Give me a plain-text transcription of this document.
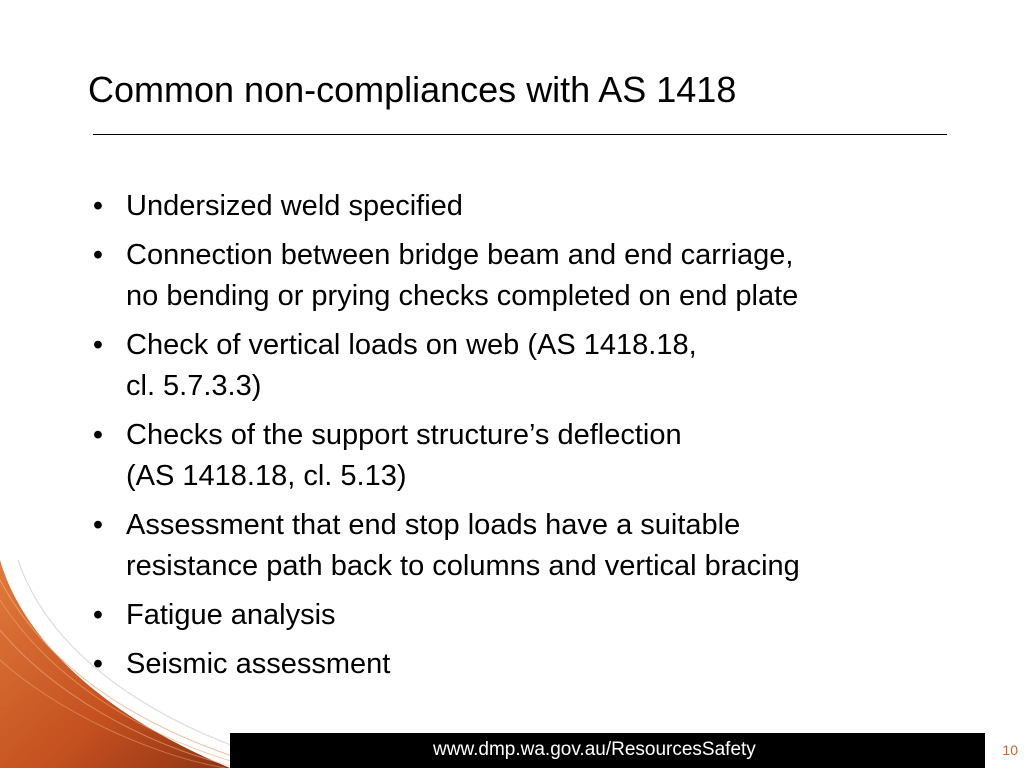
Common non-compliances with AS 1418
• Undersized weld specified
• Connection between bridge beam and end carriage,
no bending or prying checks completed on end plate
• Check of vertical loads on web (AS 1418.18,
cl. 5.7.3.3)
• Checks of the support structure’s deflection
(AS 1418.18, cl. 5.13)
• Assessment that end stop loads have a suitable
resistance path back to columns and vertical bracing
• Fatigue analysis
• Seismic assessment
www.dmp.wa.gov.au/ResourcesSafety	10
